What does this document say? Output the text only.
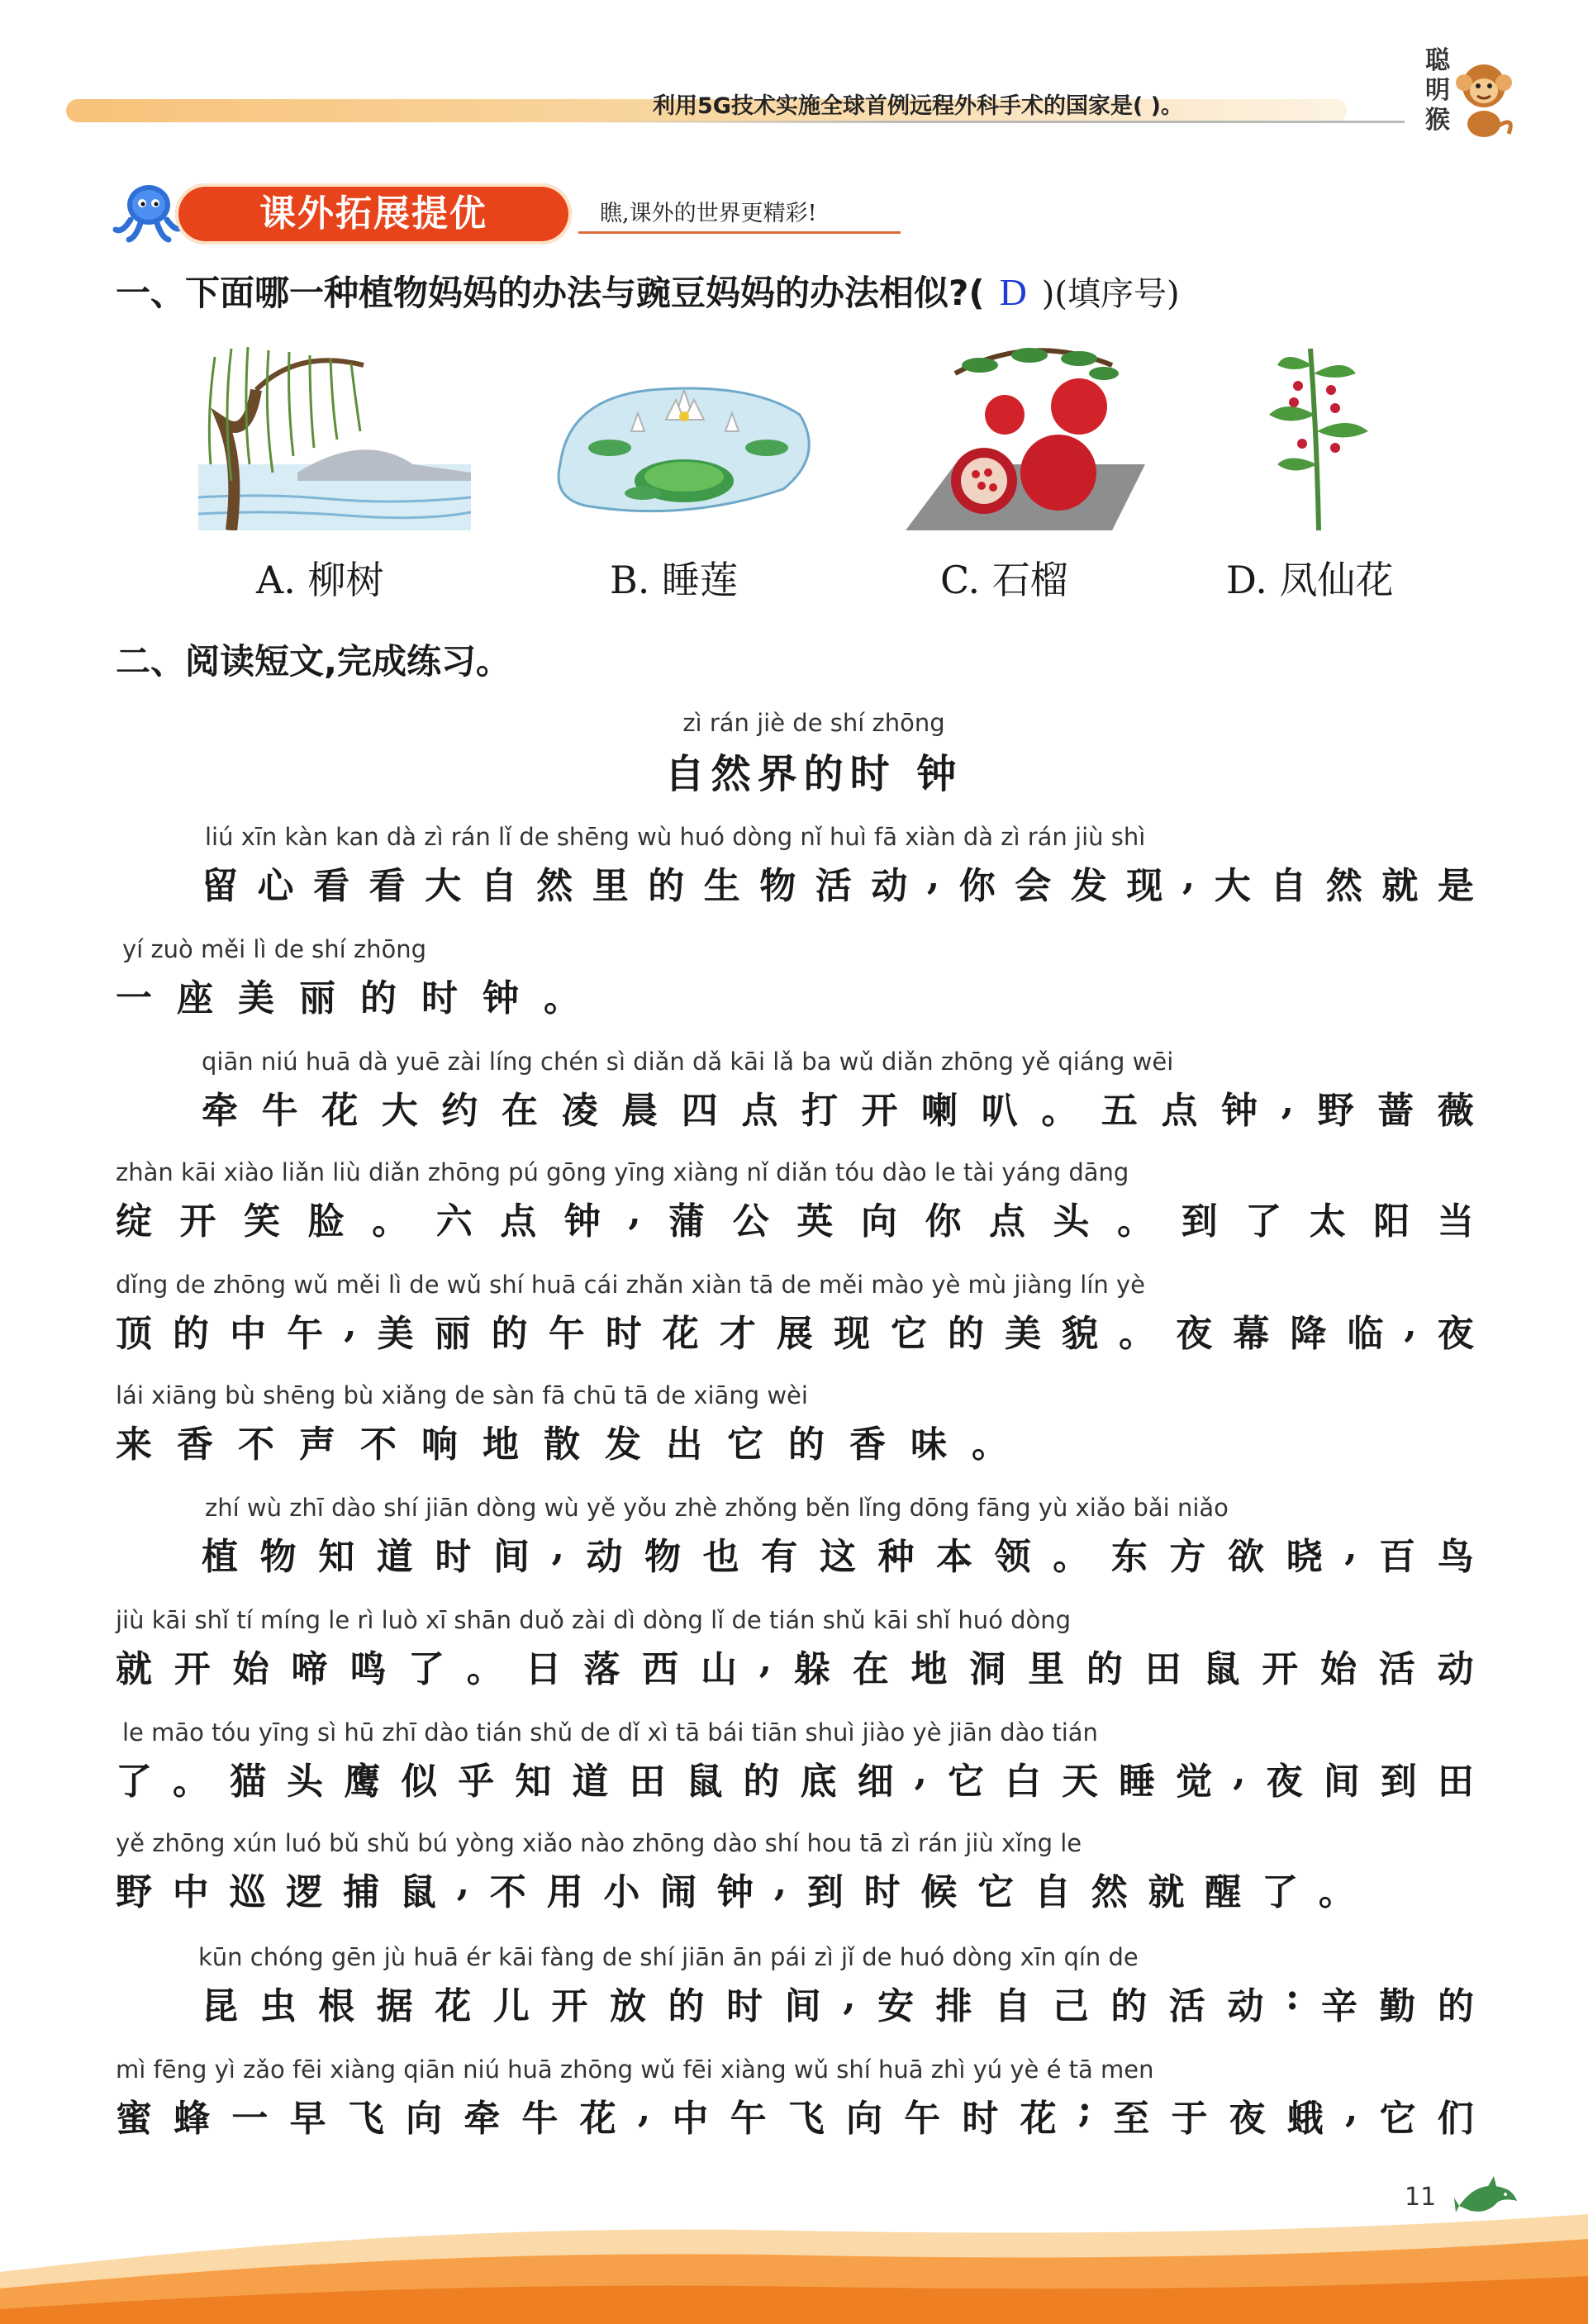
利用5G技术实施全球首例远程外科手术的国家是( )。
聪
明
猴
课外拓展提优	瞧,课外的世界更精彩!
一、下面哪一种植物妈妈的办法与豌豆妈妈的办法相似?( D )(填序号)
A. 柳树	B. 睡莲	C. 石榴	D. 凤仙花
二、阅读短文,完成练习。
zì rán jiè de shí zhōng
自然界的时 钟
liú xīn kàn kan dà zì rán lǐ de shēng wù huó dòng nǐ huì fā xiàn dà zì rán jiù shì
留 心 看 看 大 自 然 里 的 生 物 活 动 , 你 会 发 现 , 大 自 然 就 是
yí zuò měi lì de shí zhōng
一 座 美 丽 的 时 钟 。
qiān niú huā dà yuē zài líng chén sì diǎn dǎ kāi lǎ ba wǔ diǎn zhōng yě qiáng wēi
牵 牛 花 大 约 在 凌 晨 四 点 打 开 喇 叭 。 五 点 钟 , 野 蔷 薇
zhàn kāi xiào liǎn liù diǎn zhōng pú gōng yīng xiàng nǐ diǎn tóu dào le tài yáng dāng
绽 开 笑 脸 。 六 点 钟 , 蒲 公 英 向 你 点 头 。 到 了 太 阳 当
dǐng de zhōng wǔ měi lì de wǔ shí huā cái zhǎn xiàn tā de měi mào yè mù jiàng lín yè
顶 的 中 午 , 美 丽 的 午 时 花 才 展 现 它 的 美 貌 。 夜 幕 降 临 , 夜
lái xiāng bù shēng bù xiǎng de sàn fā chū tā de xiāng wèi
来 香 不 声 不 响 地 散 发 出 它 的 香 味 。
zhí wù zhī dào shí jiān dòng wù yě yǒu zhè zhǒng běn lǐng dōng fāng yù xiǎo bǎi niǎo
植 物 知 道 时 间 , 动 物 也 有 这 种 本 领 。 东 方 欲 晓 , 百 鸟
jiù kāi shǐ tí míng le rì luò xī shān duǒ zài dì dòng lǐ de tián shǔ kāi shǐ huó dòng
就 开 始 啼 鸣 了 。 日 落 西 山 , 躲 在 地 洞 里 的 田 鼠 开 始 活 动
le māo tóu yīng sì hū zhī dào tián shǔ de dǐ xì tā bái tiān shuì jiào yè jiān dào tián
了 。 猫 头 鹰 似 乎 知 道 田 鼠 的 底 细 , 它 白 天 睡 觉 , 夜 间 到 田
yě zhōng xún luó bǔ shǔ bú yòng xiǎo nào zhōng dào shí hou tā zì rán jiù xǐng le
野 中 巡 逻 捕 鼠 , 不 用 小 闹 钟 , 到 时 候 它 自 然 就 醒 了 。
kūn chóng gēn jù huā ér kāi fàng de shí jiān ān pái zì jǐ de huó dòng xīn qín de
昆 虫 根 据 花 儿 开 放 的 时 间 , 安 排 自 己 的 活 动 : 辛 勤 的
mì fēng yì zǎo fēi xiàng qiān niú huā zhōng wǔ fēi xiàng wǔ shí huā zhì yú yè é tā men
蜜 蜂 一 早 飞 向 牵 牛 花 , 中 午 飞 向 午 时 花 ; 至 于 夜 蛾 , 它 们
11
